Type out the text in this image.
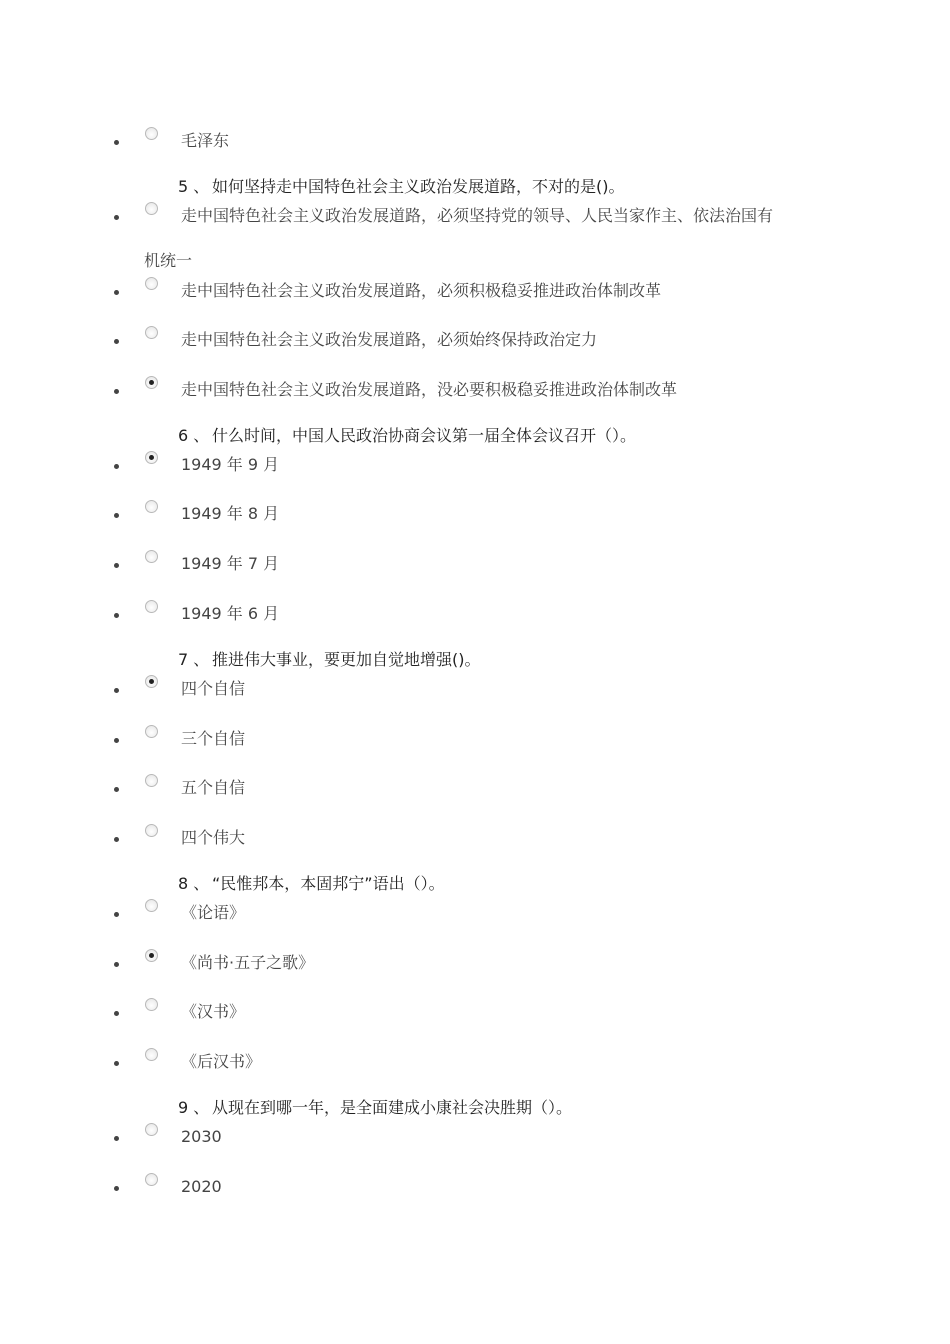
毛泽东
5 、 如何坚持走中国特色社会主义政治发展道路，不对的是()。
走中国特色社会主义政治发展道路，必须坚持党的领导、人民当家作主、依法治国有
机统一
走中国特色社会主义政治发展道路，必须积极稳妥推进政治体制改革
走中国特色社会主义政治发展道路，必须始终保持政治定力
走中国特色社会主义政治发展道路，没必要积极稳妥推进政治体制改革
6 、 什么时间，中国人民政治协商会议第一届全体会议召开（）。
1949 年 9 月
1949 年 8 月
1949 年 7 月
1949 年 6 月
7 、 推进伟大事业，要更加自觉地增强()。
四个自信
三个自信
五个自信
四个伟大
8 、 “民惟邦本，本固邦宁”语出（）。
《论语》
《尚书·五子之歌》
《汉书》
《后汉书》
9 、 从现在到哪一年，是全面建成小康社会决胜期（）。
2030
2020
